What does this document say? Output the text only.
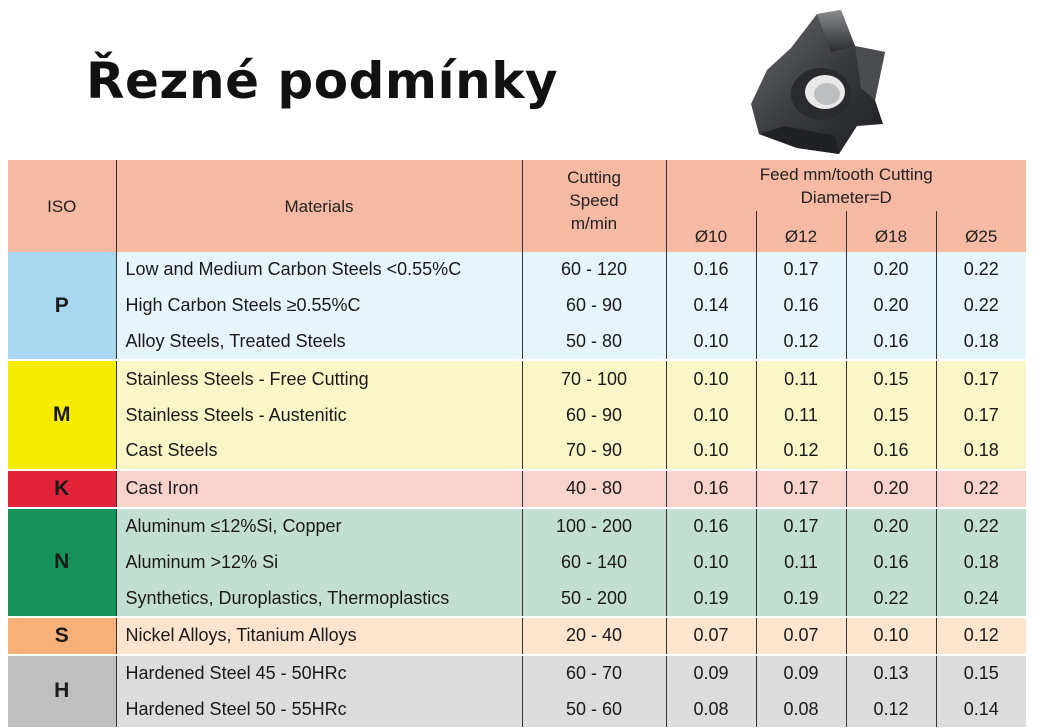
Řezné podmínky
ISO	Materials	Cutting Speed m/min	Feed mm/tooth Cutting Diameter=D			
			Ø10	Ø12	Ø18	Ø25
P	Low and Medium Carbon Steels <0.55%C	60 - 120	0.16	0.17	0.20	0.22
	High Carbon Steels ≥0.55%C	60 - 90	0.14	0.16	0.20	0.22
	Alloy Steels, Treated Steels	50 - 80	0.10	0.12	0.16	0.18
M	Stainless Steels - Free Cutting	70 - 100	0.10	0.11	0.15	0.17
	Stainless Steels - Austenitic	60 - 90	0.10	0.11	0.15	0.17
	Cast Steels	70 - 90	0.10	0.12	0.16	0.18
K	Cast Iron	40 - 80	0.16	0.17	0.20	0.22
N	Aluminum ≤12%Si, Copper	100 - 200	0.16	0.17	0.20	0.22
	Aluminum >12% Si	60 - 140	0.10	0.11	0.16	0.18
	Synthetics, Duroplastics, Thermoplastics	50 - 200	0.19	0.19	0.22	0.24
S	Nickel Alloys, Titanium Alloys	20 - 40	0.07	0.07	0.10	0.12
H	Hardened Steel 45 - 50HRc	60 - 70	0.09	0.09	0.13	0.15
	Hardened Steel 50 - 55HRc	50 - 60	0.08	0.08	0.12	0.14
